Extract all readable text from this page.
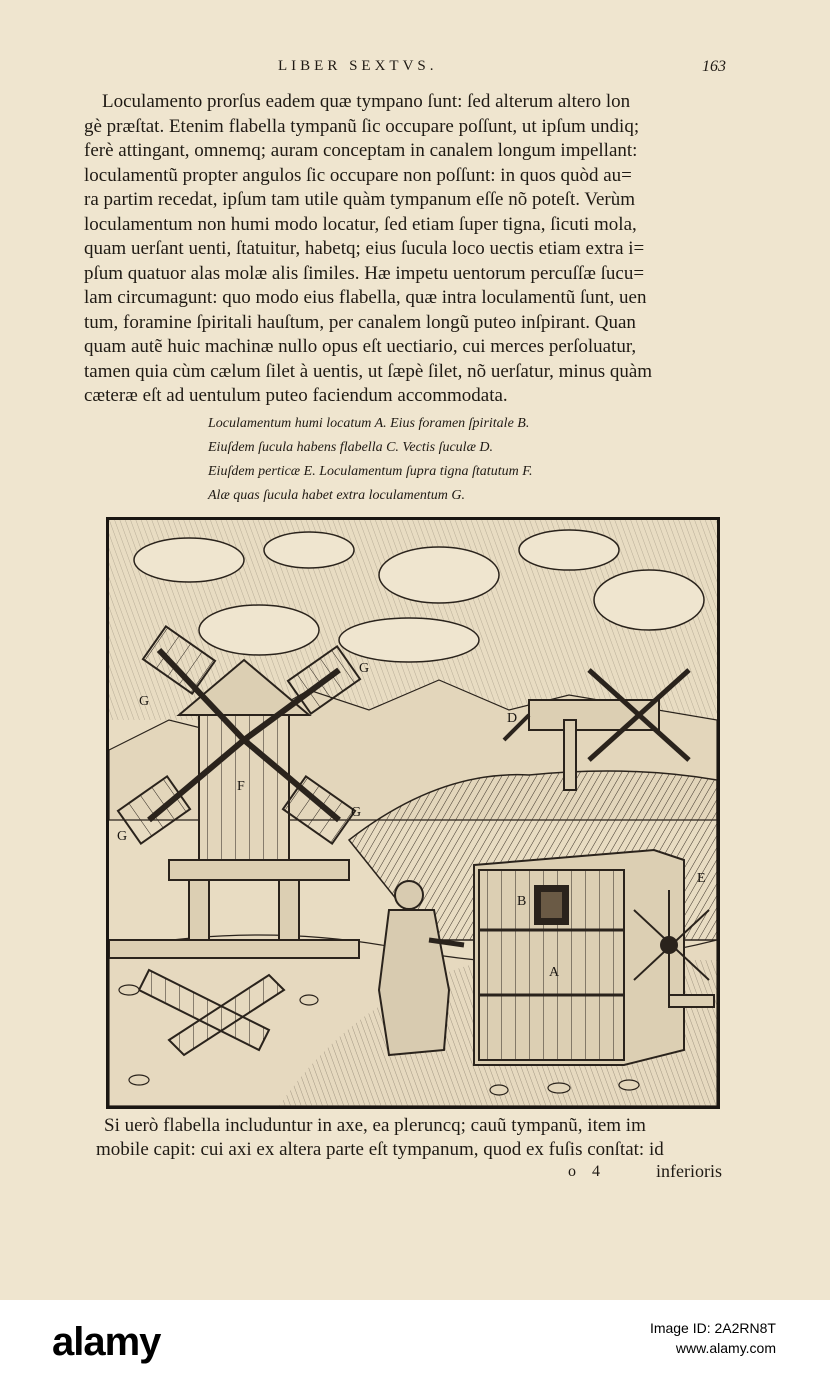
LIBER SEXTVS.	163
Loculamento prorſus eadem quæ tympano ſunt: ſed alterum altero lon
gè præſtat. Etenim flabella tympanũ ſic occupare poſſunt, ut ipſum undiq;
ferè attingant, omnemq; auram conceptam in canalem longum impellant:
loculamentũ propter angulos ſic occupare non poſſunt: in quos quòd au=
ra partim recedat, ipſum tam utile quàm tympanum eſſe nõ poteſt. Verùm
loculamentum non humi modo locatur, ſed etiam ſuper tigna, ſicuti mola,
quam uerſant uenti, ſtatuitur, habetq; eius ſucula loco uectis etiam extra i=
pſum quatuor alas molæ alis ſimiles. Hæ impetu uentorum percuſſæ ſucu=
lam circumagunt: quo modo eius flabella, quæ intra loculamentũ ſunt, uen
tum, foramine ſpiritali hauſtum, per canalem longũ puteo inſpirant. Quan
quam autẽ huic machinæ nullo opus eſt uectiario, cui merces perſoluatur,
tamen quia cùm cælum ſilet à uentis, ut ſæpè ſilet, nõ uerſatur, minus quàm
cæteræ eſt ad uentulum puteo faciendum accommodata.
Loculamentum humi locatum A. Eius foramen ſpiritale B.
Eiuſdem ſucula habens flabella C. Vectis ſuculæ D.
Eiuſdem perticæ E. Loculamentum ſupra tigna ſtatutum F.
Alæ quas ſucula habet extra loculamentum G.
A
B
D
E
F
G
G
G
G
Si uerò flabella includuntur in axe, ea pleruncq; cauũ tympanũ, item im
mobile capit: cui axi ex altera parte eſt tympanum, quod ex fuſis conſtat: id
o 4	inferioris
alamy	Image ID: 2A2RN8T
www.alamy.com
